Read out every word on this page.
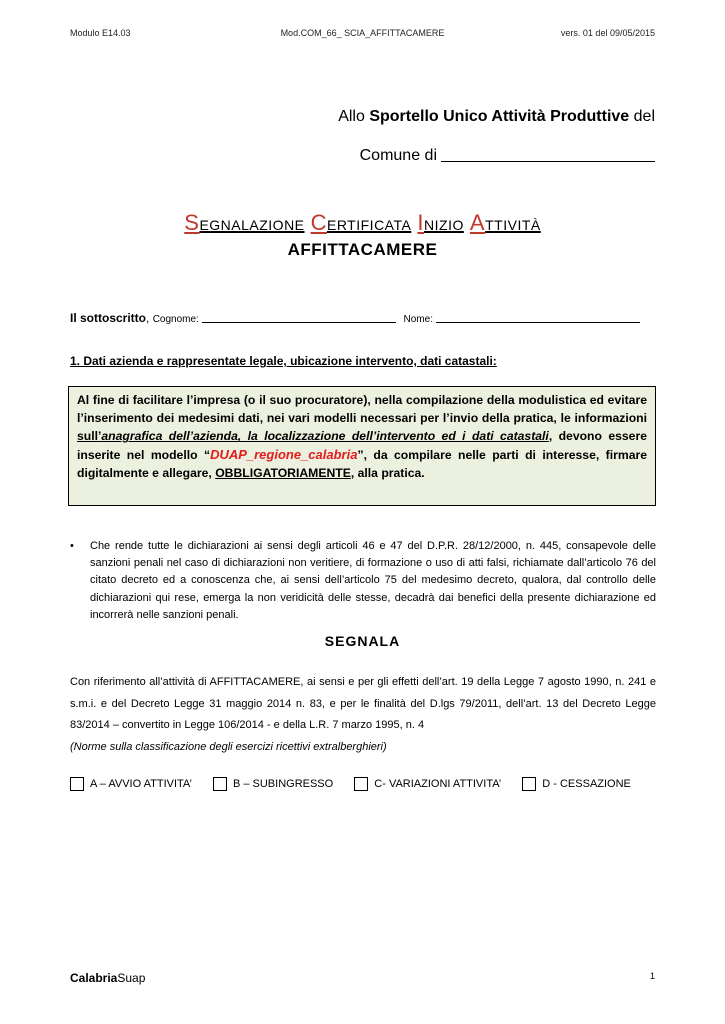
Modulo E14.03	Mod.COM_66_ SCIA_AFFITTACAMERE	vers. 01 del 09/05/2015
Allo Sportello Unico Attività Produttive del
Comune di
Segnalazione Certificata Inizio Attività
AFFITTACAMERE
Il sottoscritto, Cognome:	Nome:
1. Dati azienda e rappresentate legale, ubicazione intervento, dati catastali:
Al fine di facilitare l’impresa (o il suo procuratore), nella compilazione della modulistica ed evitare l’inserimento dei medesimi dati, nei vari modelli necessari per l’invio della pratica, le informazioni sull’anagrafica dell’azienda, la localizzazione dell’intervento ed i dati catastali, devono essere inserite nel modello “DUAP_regione_calabria”, da compilare nelle parti di interesse, firmare digitalmente e allegare, OBBLIGATORIAMENTE, alla pratica.
• Che rende tutte le dichiarazioni ai sensi degli articoli 46 e 47 del D.P.R. 28/12/2000, n. 445, consapevole delle sanzioni penali nel caso di dichiarazioni non veritiere, di formazione o uso di atti falsi, richiamate dall’articolo 76 del citato decreto ed a conoscenza che, ai sensi dell’articolo 75 del medesimo decreto, qualora, dal controllo delle dichiarazioni qui rese, emerga la non veridicità delle stesse, decadrà dai benefici della presente dichiarazione ed incorrerà nelle sanzioni penali.
SEGNALA
Con riferimento all’attività di AFFITTACAMERE, ai sensi e per gli effetti dell’art. 19 della Legge 7 agosto 1990, n. 241 e s.m.i. e del Decreto Legge 31 maggio 2014 n. 83, e per le finalità del D.lgs 79/2011, dell’art. 13 del Decreto Legge 83/2014 – convertito in Legge 106/2014 - e della L.R. 7 marzo 1995, n. 4
(Norme sulla classificazione degli esercizi ricettivi extralberghieri)
A – AVVIO ATTIVITA’
	B – SUBINGRESSO
	C- VARIAZIONI ATTIVITA’
	D - CESSAZIONE
CalabriaSuap	1
